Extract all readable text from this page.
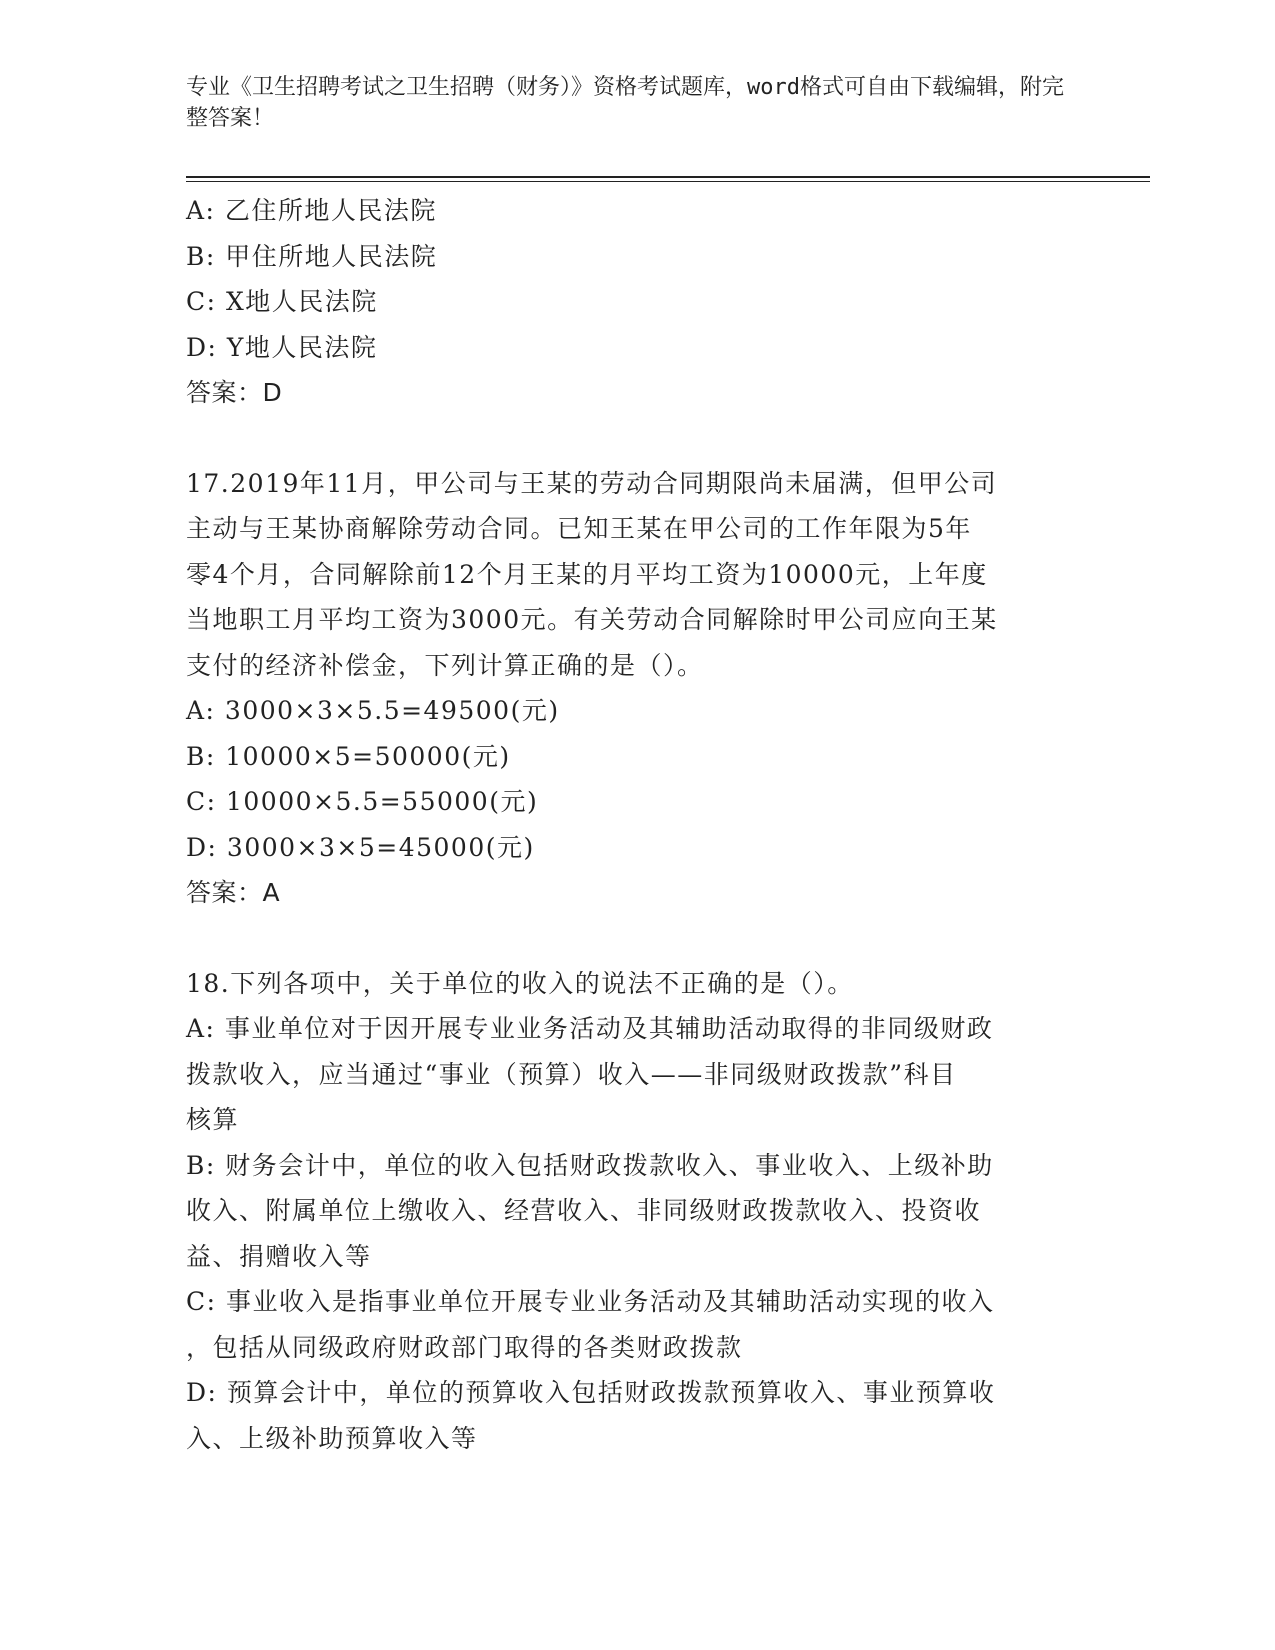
专业《卫生招聘考试之卫生招聘（财务）》资格考试题库，word格式可自由下载编辑，附完整答案！
A: 乙住所地人民法院
B: 甲住所地人民法院
C: X地人民法院
D: Y地人民法院
答案：D
17.2019年11月，甲公司与王某的劳动合同期限尚未届满，但甲公司
主动与王某协商解除劳动合同。已知王某在甲公司的工作年限为5年
零4个月，合同解除前12个月王某的月平均工资为10000元，上年度
当地职工月平均工资为3000元。有关劳动合同解除时甲公司应向王某
支付的经济补偿金，下列计算正确的是（）。
A: 3000×3×5.5=49500(元)
B: 10000×5=50000(元)
C: 10000×5.5=55000(元)
D: 3000×3×5=45000(元)
答案：A
18.下列各项中，关于单位的收入的说法不正确的是（）。
A: 事业单位对于因开展专业业务活动及其辅助活动取得的非同级财政
拨款收入，应当通过“事业（预算）收入——非同级财政拨款”科目
核算
B: 财务会计中，单位的收入包括财政拨款收入、事业收入、上级补助
收入、附属单位上缴收入、经营收入、非同级财政拨款收入、投资收
益、捐赠收入等
C: 事业收入是指事业单位开展专业业务活动及其辅助活动实现的收入
，包括从同级政府财政部门取得的各类财政拨款
D: 预算会计中，单位的预算收入包括财政拨款预算收入、事业预算收
入、上级补助预算收入等
